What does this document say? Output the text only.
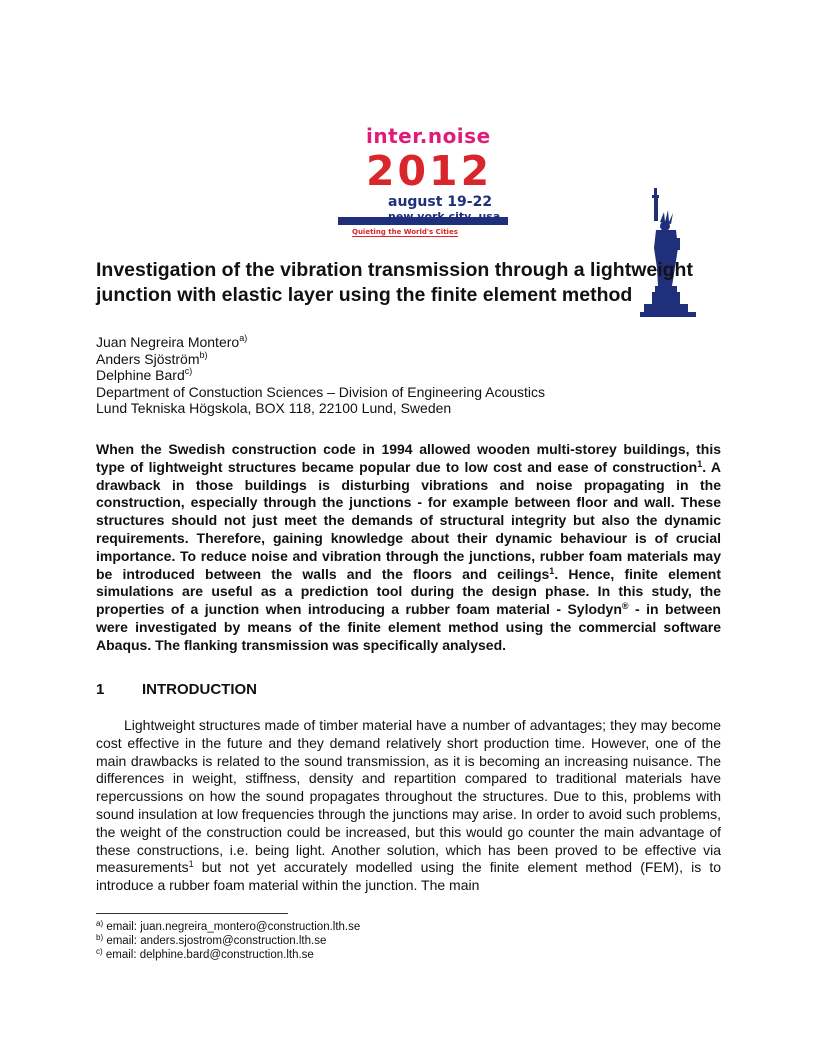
inter.noise
2012
august 19-22
new york city, usa
Quieting the World's Cities
Investigation of the vibration transmission through a lightweight junction with elastic layer using the finite element method
Juan Negreira Montero$^{a)}$
Anders Sjöström$^{b)}$
Delphine Bard$^{c)}$
Department of Constuction Sciences – Division of Engineering Acoustics
Lund Tekniska Högskola, BOX 118, 22100 Lund, Sweden
When the Swedish construction code in 1994 allowed wooden multi-storey buildings, this type of lightweight structures became popular due to low cost and ease of construction$^1$. A drawback in those buildings is disturbing vibrations and noise propagating in the construction, especially through the junctions - for example between floor and wall. These structures should not just meet the demands of structural integrity but also the dynamic requirements. Therefore, gaining knowledge about their dynamic behaviour is of crucial importance. To reduce noise and vibration through the junctions, rubber foam materials may be introduced between the walls and the floors and ceilings$^1$. Hence, finite element simulations are useful as a prediction tool during the design phase. In this study, the properties of a junction when introducing a rubber foam material - Sylodyn® - in between were investigated by means of the finite element method using the commercial software Abaqus. The flanking transmission was specifically analysed.
1	INTRODUCTION
Lightweight structures made of timber material have a number of advantages; they may become cost effective in the future and they demand relatively short production time. However, one of the main drawbacks is related to the sound transmission, as it is becoming an increasing nuisance. The differences in weight, stiffness, density and repartition compared to traditional materials have repercussions on how the sound propagates throughout the structures. Due to this, problems with sound insulation at low frequencies through the junctions may arise. In order to avoid such problems, the weight of the construction could be increased, but this would go counter the main advantage of these constructions, i.e. being light. Another solution, which has been proved to be effective via measurements$^1$ but not yet accurately modelled using the finite element method (FEM), is to introduce a rubber foam material within the junction. The main
$^{a)}$ email: juan.negreira_montero@construction.lth.se
$^{b)}$ email: anders.sjostrom@construction.lth.se
$^{c)}$ email: delphine.bard@construction.lth.se
